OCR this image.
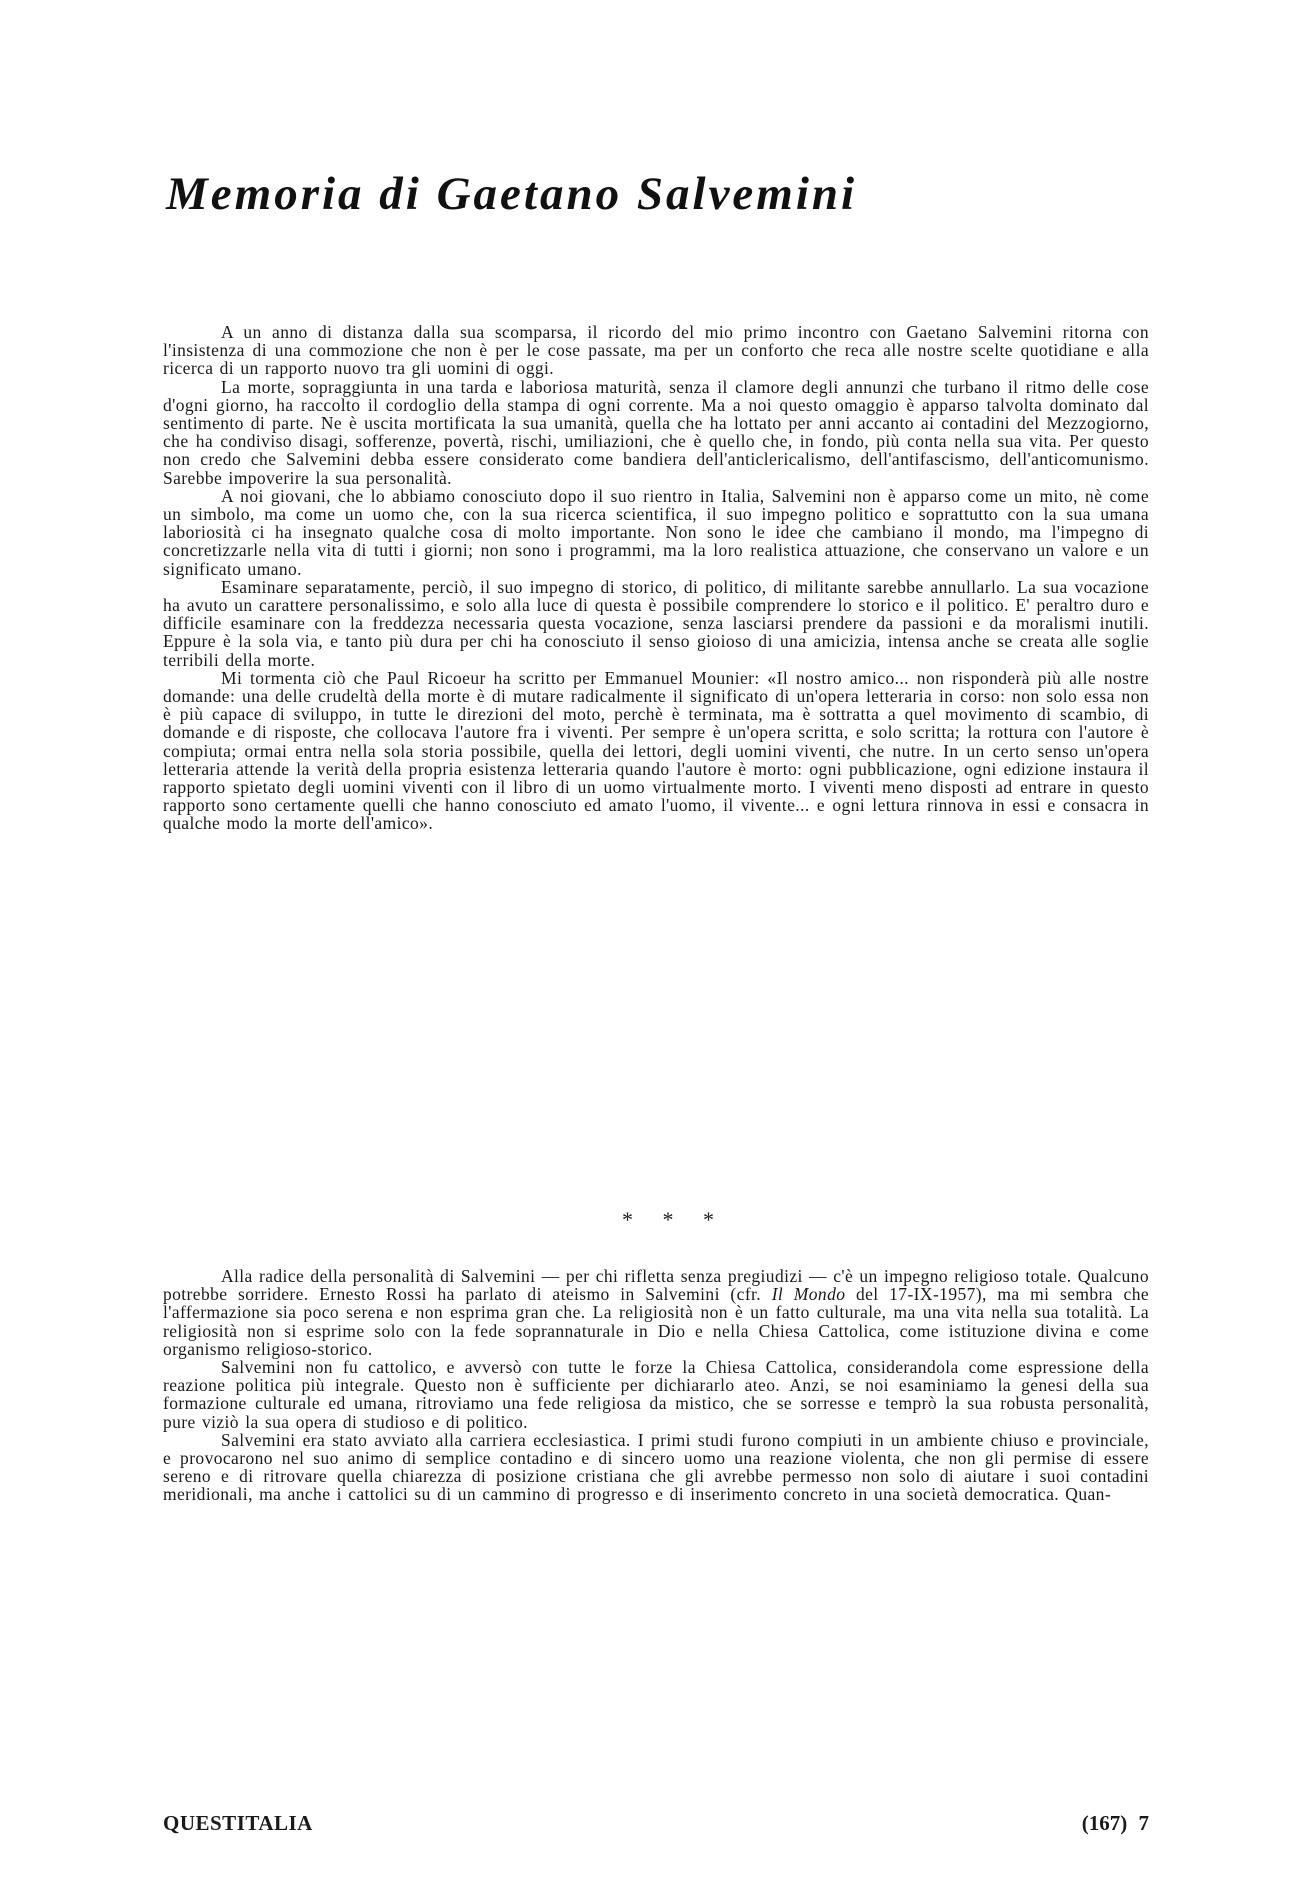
Memoria di Gaetano Salvemini

A un anno di distanza dalla sua scomparsa, il ricordo del mio primo incontro con Gaetano Salvemini ritorna con l'insistenza di una commozione che non è per le cose passate, ma per un conforto che reca alle nostre scelte quotidiane e alla ricerca di un rapporto nuovo tra gli uomini di oggi.

La morte, sopraggiunta in una tarda e laboriosa maturità, senza il clamore degli annunzi che turbano il ritmo delle cose d'ogni giorno, ha raccolto il cordoglio della stampa di ogni corrente. Ma a noi questo omaggio è apparso talvolta dominato dal sentimento di parte. Ne è uscita mortificata la sua umanità, quella che ha lottato per anni accanto ai contadini del Mezzogiorno, che ha condiviso disagi, sofferenze, povertà, rischi, umiliazioni, che è quello che, in fondo, più conta nella sua vita. Per questo non credo che Salvemini debba essere considerato come bandiera dell'anticlericalismo, dell'antifascismo, dell'anticomunismo. Sarebbe impoverire la sua personalità.

A noi giovani, che lo abbiamo conosciuto dopo il suo rientro in Italia, Salvemini non è apparso come un mito, nè come un simbolo, ma come un uomo che, con la sua ricerca scientifica, il suo impegno politico e soprattutto con la sua umana laboriosità ci ha insegnato qualche cosa di molto importante. Non sono le idee che cambiano il mondo, ma l'impegno di concretizzarle nella vita di tutti i giorni; non sono i programmi, ma la loro realistica attuazione, che conservano un valore e un significato umano.

Esaminare separatamente, perciò, il suo impegno di storico, di politico, di militante sarebbe annullarlo. La sua vocazione ha avuto un carattere personalissimo, e solo alla luce di questa è possibile comprendere lo storico e il politico. E' peraltro duro e difficile esaminare con la freddezza necessaria questa vocazione, senza lasciarsi prendere da passioni e da moralismi inutili. Eppure è la sola via, e tanto più dura per chi ha conosciuto il senso gioioso di una amicizia, intensa anche se creata alle soglie terribili della morte.

Mi tormenta ciò che Paul Ricoeur ha scritto per Emmanuel Mounier: «Il nostro amico... non risponderà più alle nostre domande: una delle crudeltà della morte è di mutare radicalmente il significato di un'opera letteraria in corso: non solo essa non è più capace di sviluppo, in tutte le direzioni del moto, perchè è terminata, ma è sottratta a quel movimento di scambio, di domande e di risposte, che collocava l'autore fra i viventi. Per sempre è un'opera scritta, e solo scritta; la rottura con l'autore è compiuta; ormai entra nella sola storia possibile, quella dei lettori, degli uomini viventi, che nutre. In un certo senso un'opera letteraria attende la verità della propria esistenza letteraria quando l'autore è morto: ogni pubblicazione, ogni edizione instaura il rapporto spietato degli uomini viventi con il libro di un uomo virtualmente morto. I viventi meno disposti ad entrare in questo rapporto sono certamente quelli che hanno conosciuto ed amato l'uomo, il vivente... e ogni lettura rinnova in essi e consacra in qualche modo la morte dell'amico».

* * *

Alla radice della personalità di Salvemini — per chi rifletta senza pregiudizi — c'è un impegno religioso totale. Qualcuno potrebbe sorridere. Ernesto Rossi ha parlato di ateismo in Salvemini (cfr. Il Mondo del 17-IX-1957), ma mi sembra che l'affermazione sia poco serena e non esprima gran che. La religiosità non è un fatto culturale, ma una vita nella sua totalità. La religiosità non si esprime solo con la fede soprannaturale in Dio e nella Chiesa Cattolica, come istituzione divina e come organismo religioso-storico.

Salvemini non fu cattolico, e avversò con tutte le forze la Chiesa Cattolica, considerandola come espressione della reazione politica più integrale. Questo non è sufficiente per dichiararlo ateo. Anzi, se noi esaminiamo la genesi della sua formazione culturale ed umana, ritroviamo una fede religiosa da mistico, che se sorresse e temprò la sua robusta personalità, pure viziò la sua opera di studioso e di politico.

Salvemini era stato avviato alla carriera ecclesiastica. I primi studi furono compiuti in un ambiente chiuso e provinciale, e provocarono nel suo animo di semplice contadino e di sincero uomo una reazione violenta, che non gli permise di essere sereno e di ritrovare quella chiarezza di posizione cristiana che gli avrebbe permesso non solo di aiutare i suoi contadini meridionali, ma anche i cattolici su di un cammino di progresso e di inserimento concreto in una società democratica. Quan-

QUESTITALIA	(167) 7
